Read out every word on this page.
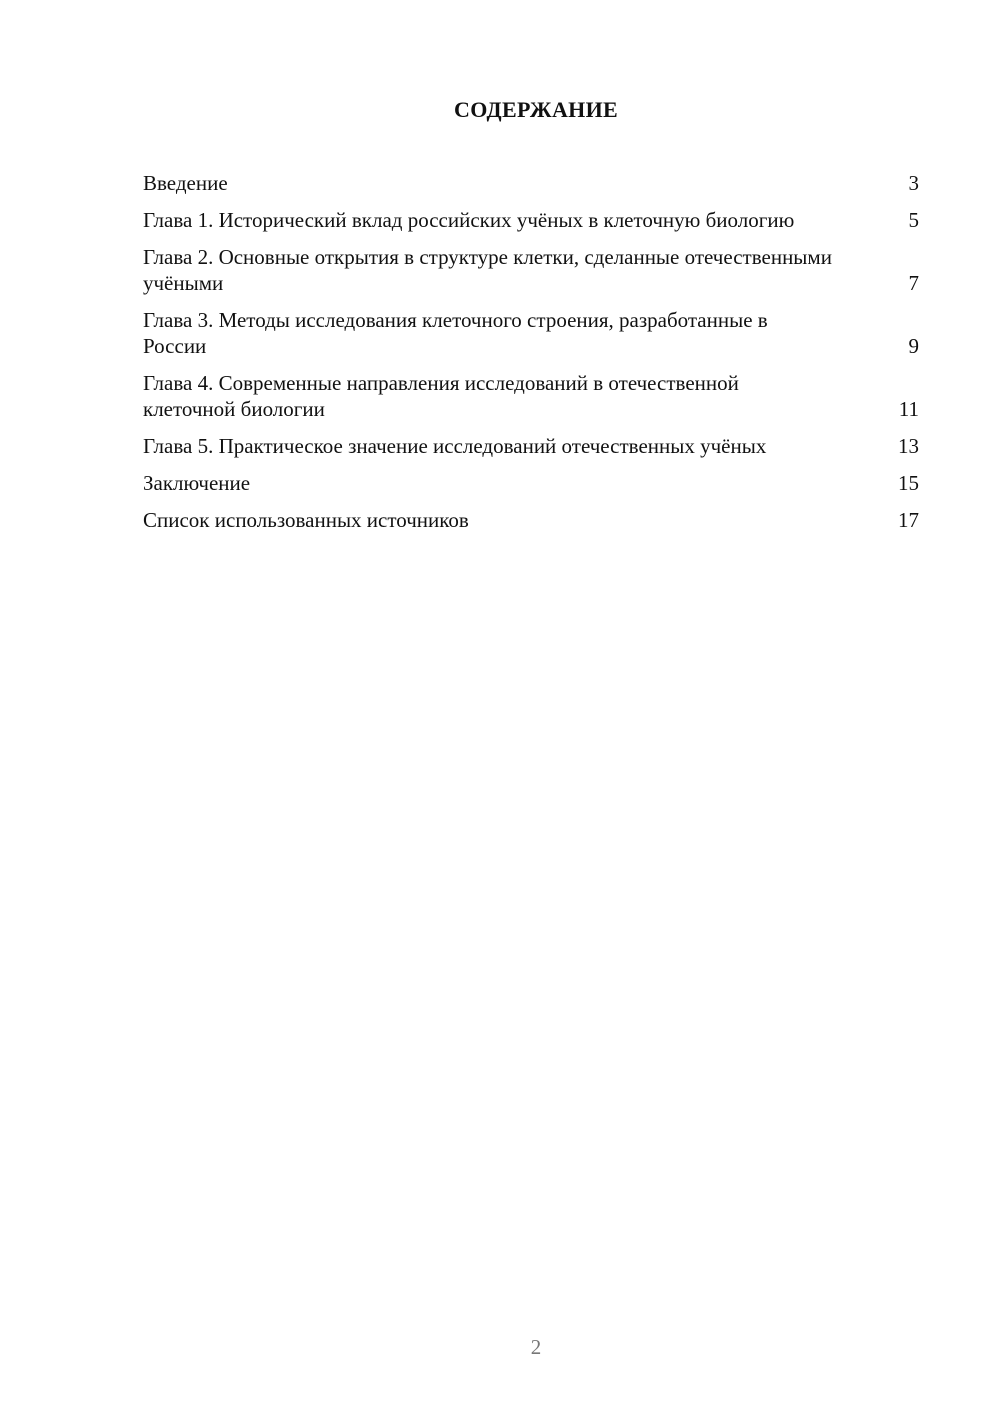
СОДЕРЖАНИЕ
Введение	3
Глава 1. Исторический вклад российских учёных в клеточную биологию	5
Глава 2. Основные открытия в структуре клетки, сделанные отечественными учёными	7
Глава 3. Методы исследования клеточного строения, разработанные в России	9
Глава 4. Современные направления исследований в отечественной клеточной биологии	11
Глава 5. Практическое значение исследований отечественных учёных	13
Заключение	15
Список использованных источников	17
2
